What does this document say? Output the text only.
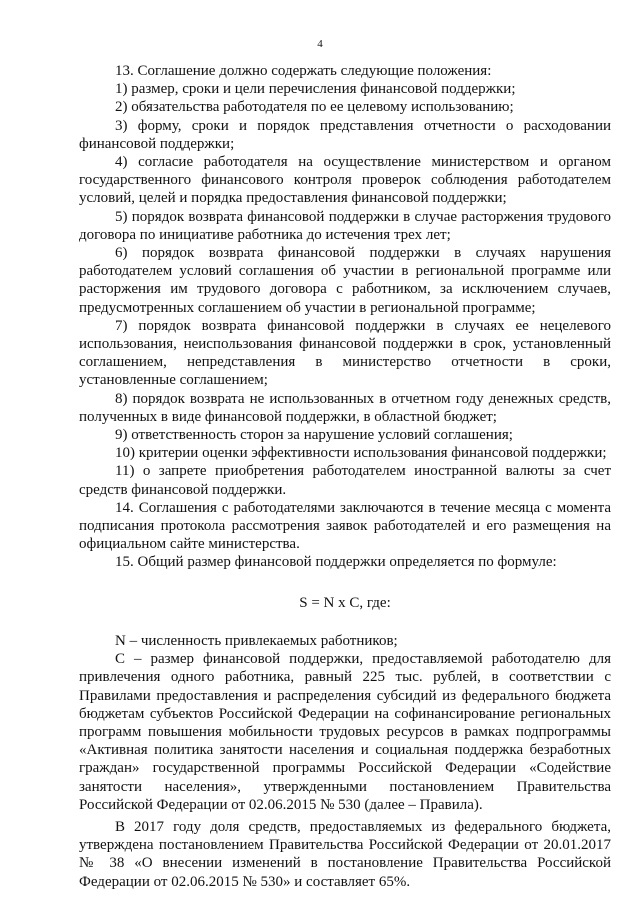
4

13. Соглашение должно содержать следующие положения:

1) размер, сроки и цели перечисления финансовой поддержки;

2) обязательства работодателя по ее целевому использованию;

3) форму, сроки и порядок представления отчетности о расходовании финансовой поддержки;

4) согласие работодателя на осуществление министерством и органом государственного финансового контроля проверок соблюдения работодателем условий, целей и порядка предоставления финансовой поддержки;

5) порядок возврата финансовой поддержки в случае расторжения трудового договора по инициативе работника до истечения трех лет;

6) порядок возврата финансовой поддержки в случаях нарушения работодателем условий соглашения об участии в региональной программе или расторжения им трудового договора с работником, за исключением случаев, предусмотренных соглашением об участии в региональной программе;

7) порядок возврата финансовой поддержки в случаях ее нецелевого использования, неиспользования финансовой поддержки в срок, установленный соглашением, непредставления в министерство отчетности в сроки, установленные соглашением;

8) порядок возврата не использованных в отчетном году денежных средств, полученных в виде финансовой поддержки, в областной бюджет;

9) ответственность сторон за нарушение условий соглашения;

10) критерии оценки эффективности использования финансовой поддержки;

11) о запрете приобретения работодателем иностранной валюты за счет средств финансовой поддержки.

14. Соглашения с работодателями заключаются в течение месяца с момента подписания протокола рассмотрения заявок работодателей и его размещения на официальном сайте министерства.

15. Общий размер финансовой поддержки определяется по формуле:

S = N x C, где:

N – численность привлекаемых работников;

C – размер финансовой поддержки, предоставляемой работодателю для привлечения одного работника, равный 225 тыс. рублей, в соответствии с Правилами предоставления и распределения субсидий из федерального бюджета бюджетам субъектов Российской Федерации на софинансирование региональных программ повышения мобильности трудовых ресурсов в рамках подпрограммы «Активная политика занятости населения и социальная поддержка безработных граждан» государственной программы Российской Федерации «Содействие занятости населения», утвержденными постановлением Правительства Российской Федерации от 02.06.2015 № 530 (далее – Правила).

В 2017 году доля средств, предоставляемых из федерального бюджета, утверждена постановлением Правительства Российской Федерации от 20.01.2017 № 38 «О внесении изменений в постановление Правительства Российской Федерации от 02.06.2015 № 530» и составляет 65%.
